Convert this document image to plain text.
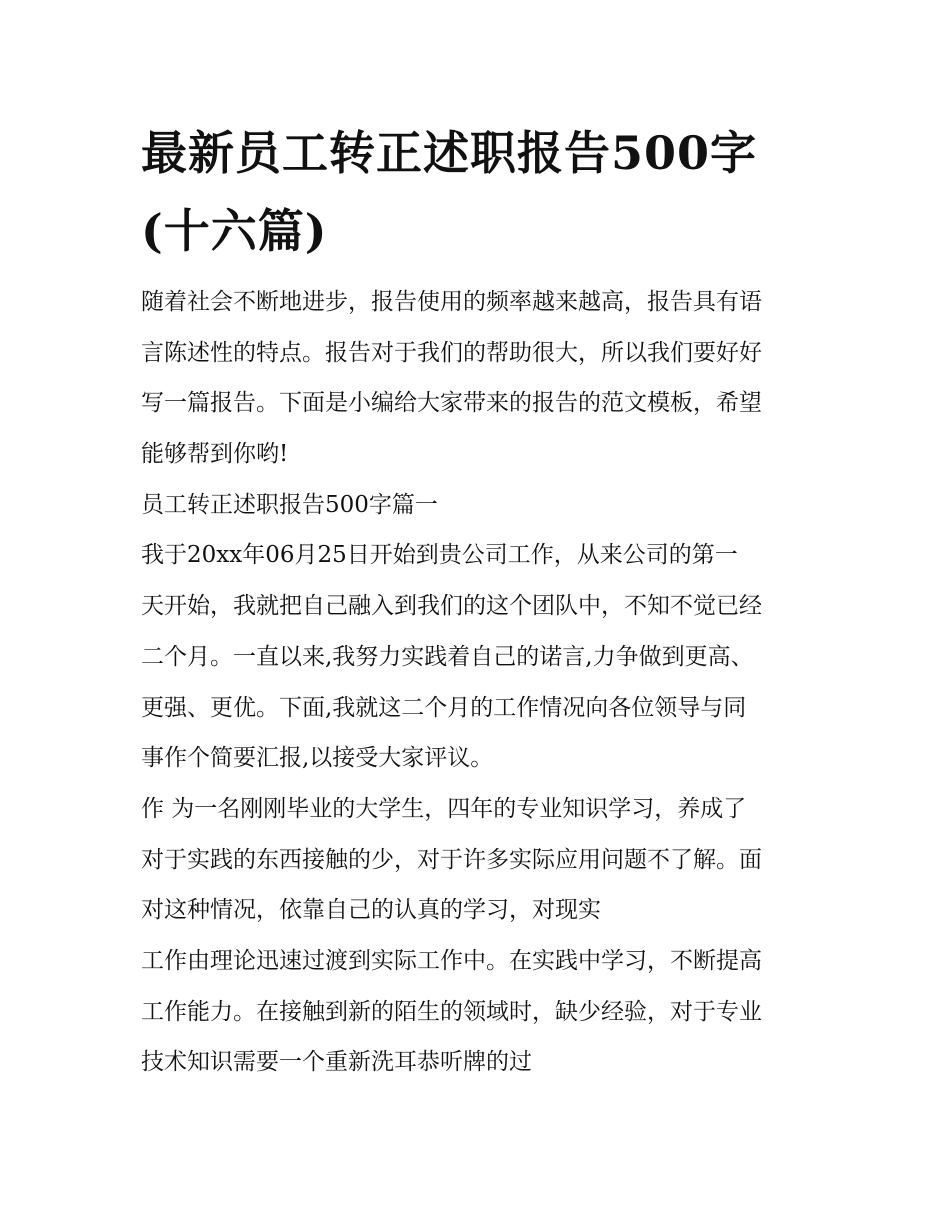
最新员工转正述职报告500字
(十六篇)
随着社会不断地进步，报告使用的频率越来越高，报告具有语
言陈述性的特点。报告对于我们的帮助很大，所以我们要好好
写一篇报告。下面是小编给大家带来的报告的范文模板，希望
能够帮到你哟!
员工转正述职报告500字篇一
我于20xx年06月25日开始到贵公司工作，从来公司的第一
天开始，我就把自己融入到我们的这个团队中，不知不觉已经
二个月。一直以来,我努力实践着自己的诺言,力争做到更高、
更强、更优。下面,我就这二个月的工作情况向各位领导与同
事作个简要汇报,以接受大家评议。
作 为一名刚刚毕业的大学生，四年的专业知识学习，养成了
对于实践的东西接触的少，对于许多实际应用问题不了解。面
对这种情况，依靠自己的认真的学习，对现实
工作由理论迅速过渡到实际工作中。在实践中学习，不断提高
工作能力。在接触到新的陌生的领域时，缺少经验，对于专业
技术知识需要一个重新洗耳恭听牌的过
